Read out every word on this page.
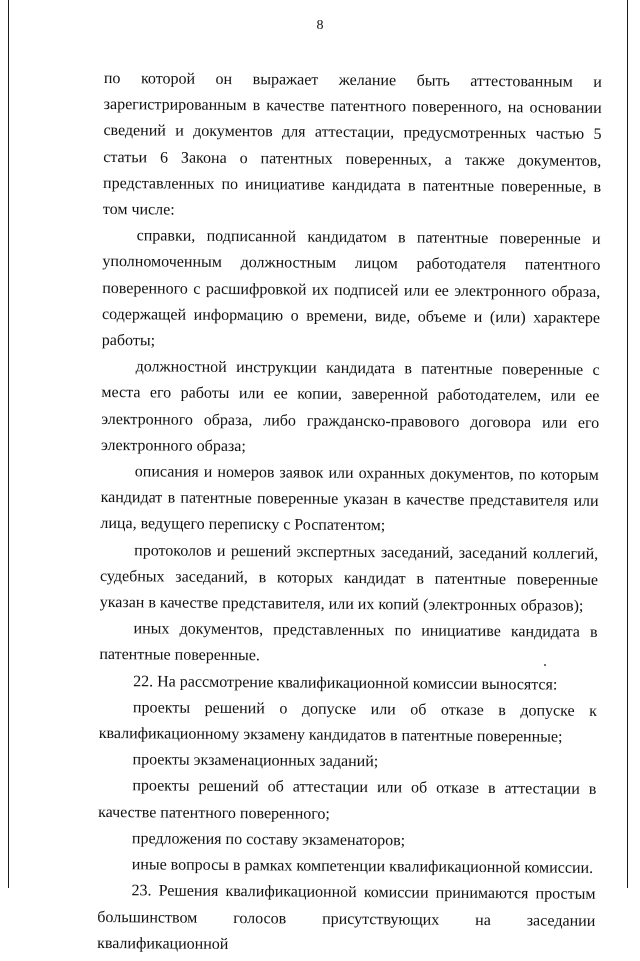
8

по которой он выражает желание быть аттестованным и зарегистрированным в качестве патентного поверенного, на основании сведений и документов для аттестации, предусмотренных частью 5 статьи 6 Закона о патентных поверенных, а также документов, представленных по инициативе кандидата в патентные поверенные, в том числе:

справки, подписанной кандидатом в патентные поверенные и уполномоченным должностным лицом работодателя патентного поверенного с расшифровкой их подписей или ее электронного образа, содержащей информацию о времени, виде, объеме и (или) характере работы;

должностной инструкции кандидата в патентные поверенные с места его работы или ее копии, заверенной работодателем, или ее электронного образа, либо гражданско-правового договора или его электронного образа;

описания и номеров заявок или охранных документов, по которым кандидат в патентные поверенные указан в качестве представителя или лица, ведущего переписку с Роспатентом;

протоколов и решений экспертных заседаний, заседаний коллегий, судебных заседаний, в которых кандидат в патентные поверенные указан в качестве представителя, или их копий (электронных образов);

иных документов, представленных по инициативе кандидата в патентные поверенные.

22. На рассмотрение квалификационной комиссии выносятся:

проекты решений о допуске или об отказе в допуске к квалификационному экзамену кандидатов в патентные поверенные;

проекты экзаменационных заданий;

проекты решений об аттестации или об отказе в аттестации в качестве патентного поверенного;

предложения по составу экзаменаторов;

иные вопросы в рамках компетенции квалификационной комиссии.

23. Решения квалификационной комиссии принимаются простым большинством голосов присутствующих на заседании квалификационной
